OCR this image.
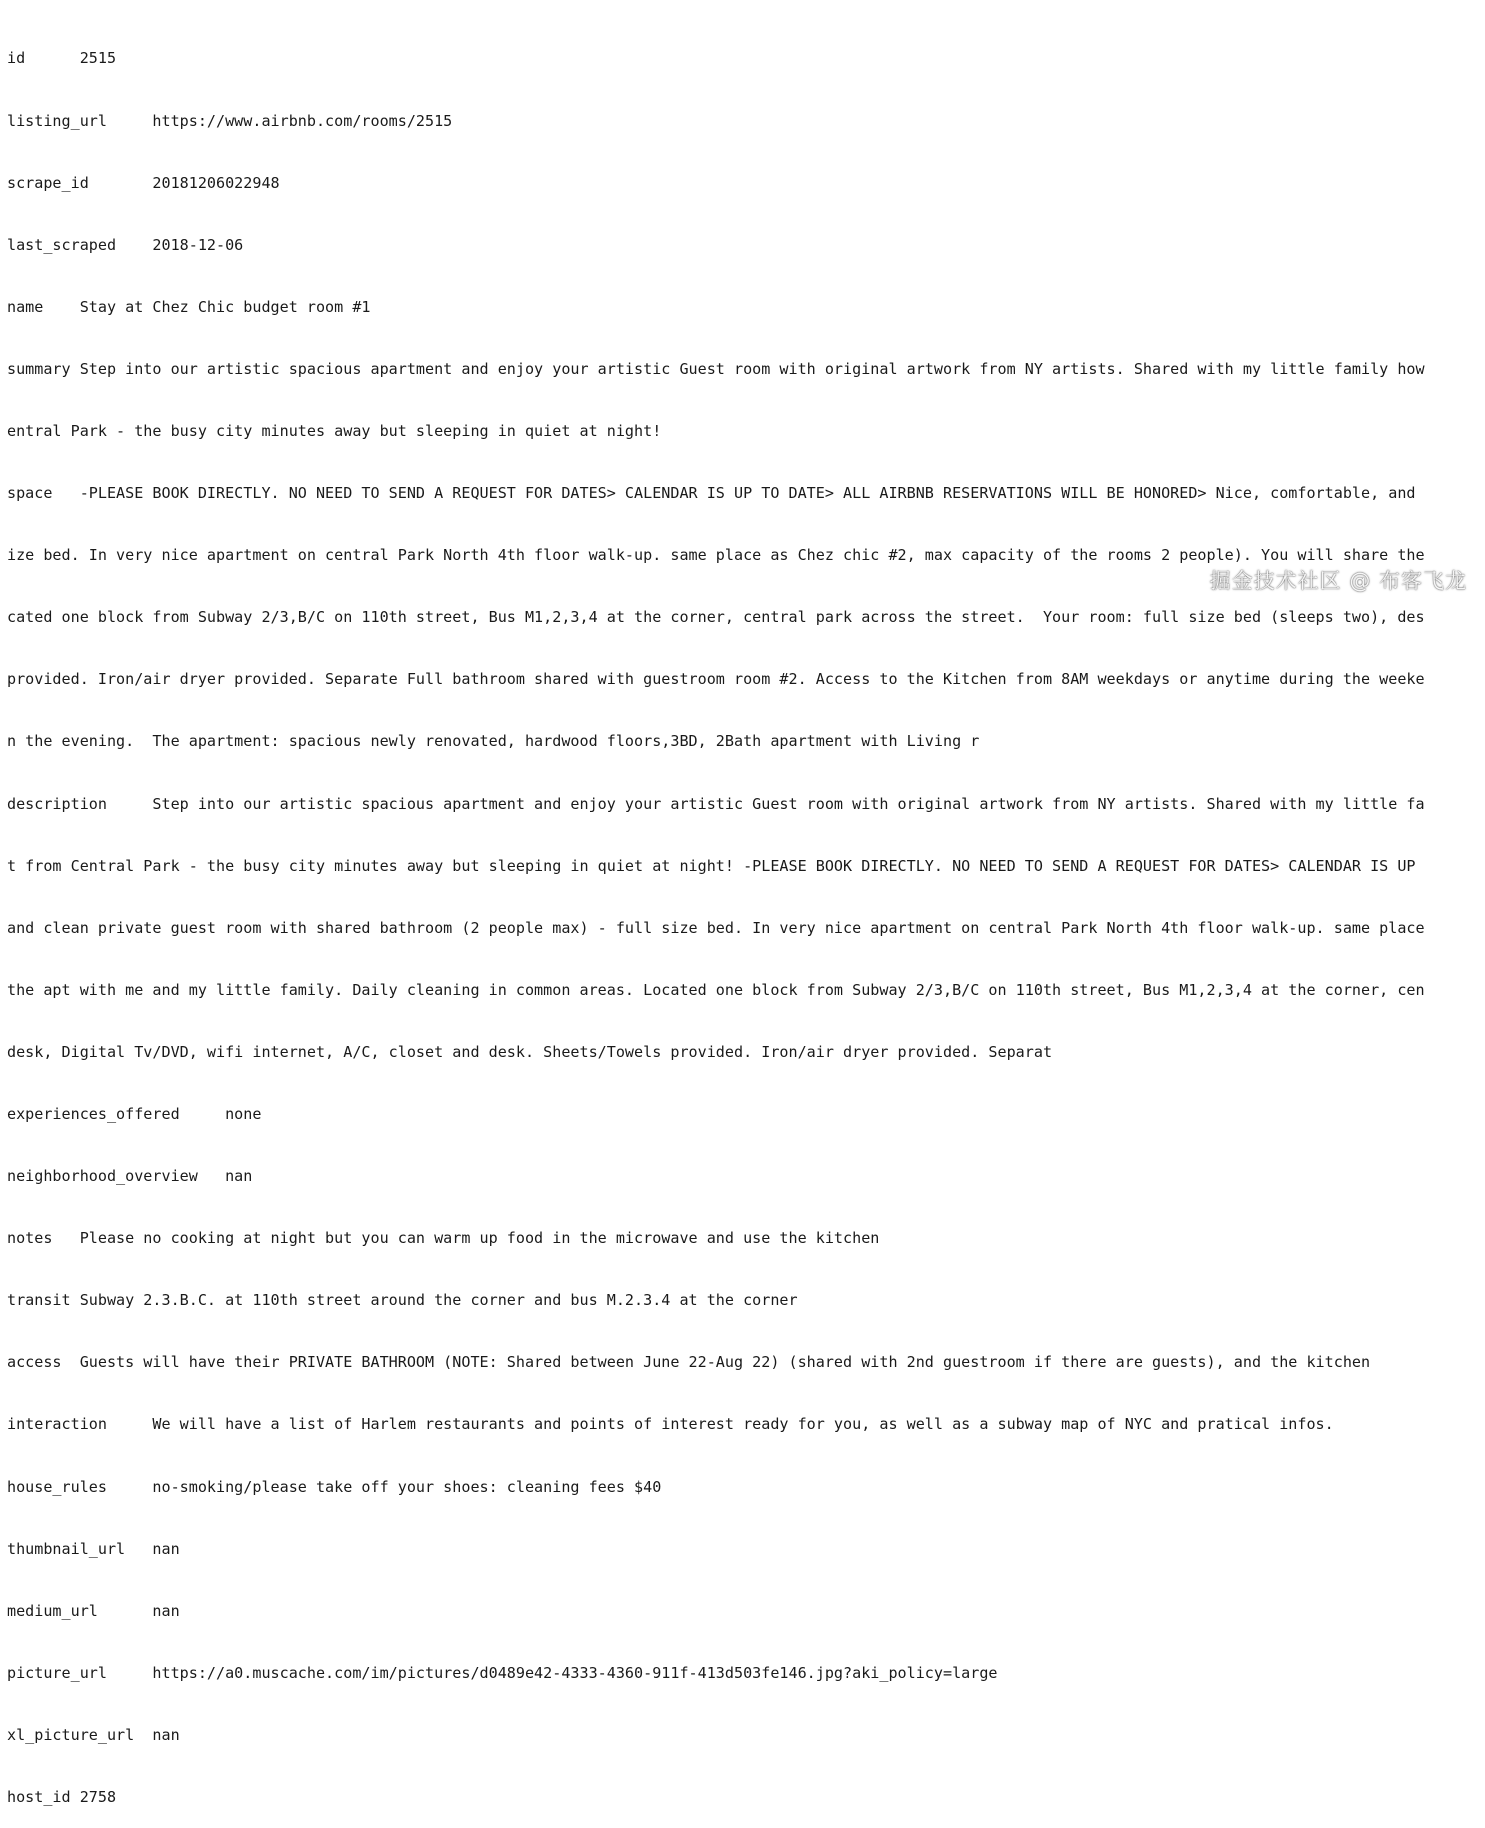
id      2515

listing_url     https://www.airbnb.com/rooms/2515

scrape_id       20181206022948

last_scraped    2018-12-06

name    Stay at Chez Chic budget room #1

summary Step into our artistic spacious apartment and enjoy your artistic Guest room with original artwork from NY artists. Shared with my little family how

entral Park - the busy city minutes away but sleeping in quiet at night!

space   -PLEASE BOOK DIRECTLY. NO NEED TO SEND A REQUEST FOR DATES> CALENDAR IS UP TO DATE> ALL AIRBNB RESERVATIONS WILL BE HONORED> Nice, comfortable, and

ize bed. In very nice apartment on central Park North 4th floor walk-up. same place as Chez chic #2, max capacity of the rooms 2 people). You will share the

cated one block from Subway 2/3,B/C on 110th street, Bus M1,2,3,4 at the corner, central park across the street.  Your room: full size bed (sleeps two), des

provided. Iron/air dryer provided. Separate Full bathroom shared with guestroom room #2. Access to the Kitchen from 8AM weekdays or anytime during the weeke

n the evening.  The apartment: spacious newly renovated, hardwood floors,3BD, 2Bath apartment with Living r

description     Step into our artistic spacious apartment and enjoy your artistic Guest room with original artwork from NY artists. Shared with my little fa

t from Central Park - the busy city minutes away but sleeping in quiet at night! -PLEASE BOOK DIRECTLY. NO NEED TO SEND A REQUEST FOR DATES> CALENDAR IS UP

and clean private guest room with shared bathroom (2 people max) - full size bed. In very nice apartment on central Park North 4th floor walk-up. same place

the apt with me and my little family. Daily cleaning in common areas. Located one block from Subway 2/3,B/C on 110th street, Bus M1,2,3,4 at the corner, cen

desk, Digital Tv/DVD, wifi internet, A/C, closet and desk. Sheets/Towels provided. Iron/air dryer provided. Separat

experiences_offered     none

neighborhood_overview   nan

notes   Please no cooking at night but you can warm up food in the microwave and use the kitchen

transit Subway 2.3.B.C. at 110th street around the corner and bus M.2.3.4 at the corner

access  Guests will have their PRIVATE BATHROOM (NOTE: Shared between June 22-Aug 22) (shared with 2nd guestroom if there are guests), and the kitchen

interaction     We will have a list of Harlem restaurants and points of interest ready for you, as well as a subway map of NYC and pratical infos.

house_rules     no-smoking/please take off your shoes: cleaning fees $40

thumbnail_url   nan

medium_url      nan

picture_url     https://a0.muscache.com/im/pictures/d0489e42-4333-4360-911f-413d503fe146.jpg?aki_policy=large

xl_picture_url  nan

host_id 2758

掘金技术社区 @ 布客飞龙
